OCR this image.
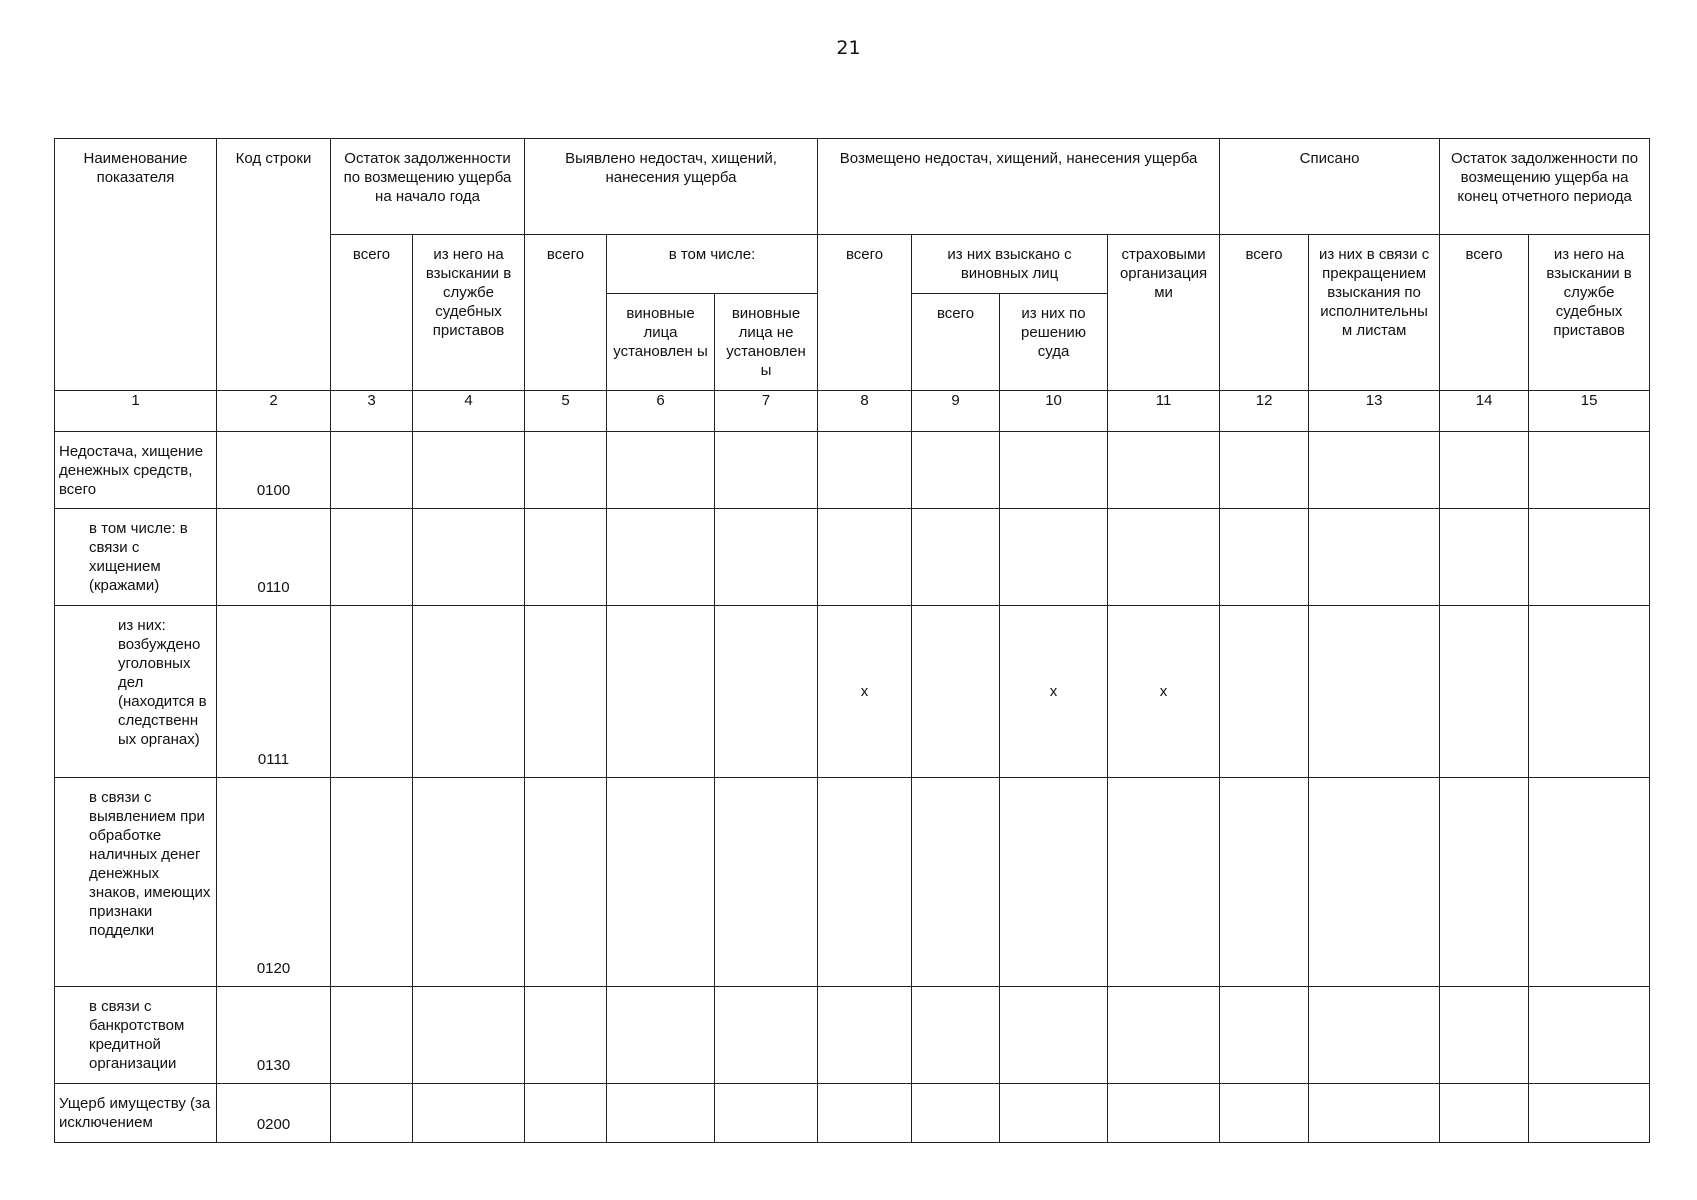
21
Наименование показателя	Код строки	Остаток задолженности по возмещению ущерба на начало года		Выявлено недостач, хищений, нанесения ущерба			Возмещено недостач, хищений, нанесения ущерба				Списано		Остаток задолженности по возмещению ущерба на конец отчетного периода	
		всего	из него на взыскании в службе судебных приставов	всего	в том числе:		всего	из них взыскано с виновных лиц		страховыми организация ми	всего	из них в связи с прекращением взыскания по исполнительны м листам	всего	из него на взыскании в службе судебных приставов
					виновные лица установлен ы	виновные лица не установлен ы		всего	из них по решению суда					
1	2	3	4	5	6	7	8	9	10	11	12	13	14	15
Недостача, хищение денежных средств, всего	0100													
в том числе: в связи с хищением (кражами)	0110													
из них: возбуждено уголовных дел (находится в следственн ых органах)	0111						х		х	х				
в связи с выявлением при обработке наличных денег денежных знаков, имеющих признаки подделки	0120													
в связи с банкротством кредитной организации	0130													
Ущерб имуществу (за исключением	0200													
